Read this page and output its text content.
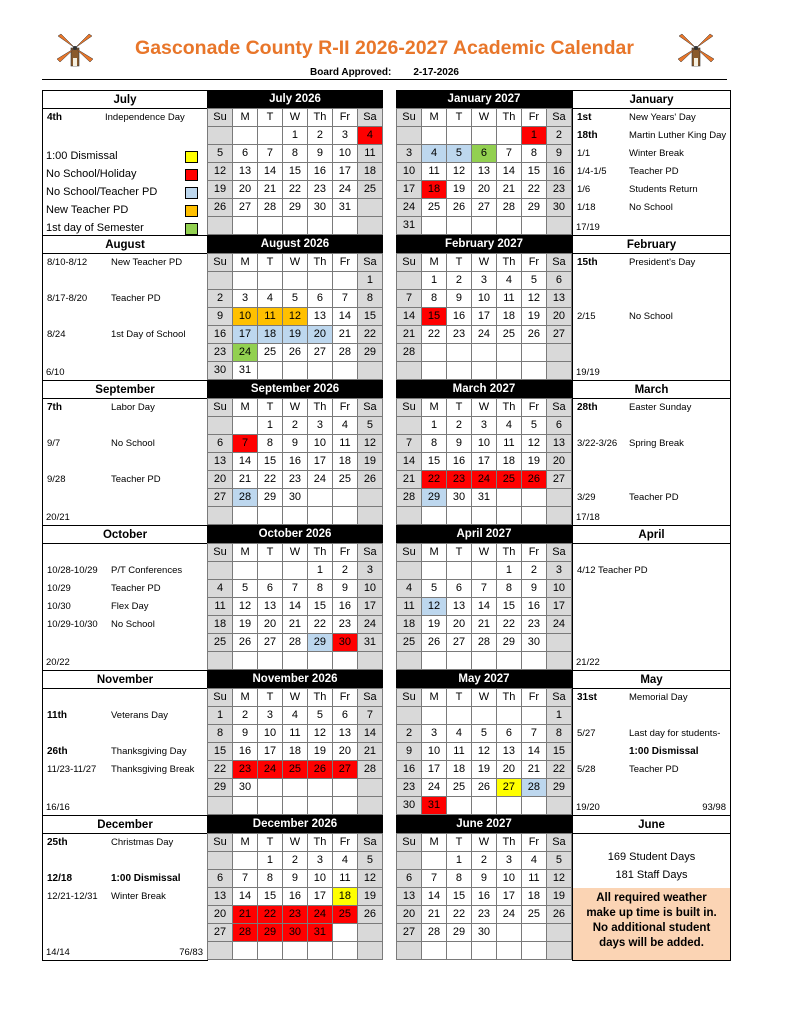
Gasconade County R-II 2026-2027 Academic Calendar
Board Approved: 2-17-2026
July
4th	Independence Day
1:00 Dismissal
No School/Holiday
No School/Teacher PD
New Teacher PD
1st day of Semester
July 2026
Su	M	T	W	Th	Fr	Sa
			1	2	3	4
5	6	7	8	9	10	11
12	13	14	15	16	17	18
19	20	21	22	23	24	25
26	27	28	29	30	31	

January 2027
Su	M	T	W	Th	Fr	Sa
					1	2
3	4	5	6	7	8	9
10	11	12	13	14	15	16
17	18	19	20	21	22	23
24	25	26	27	28	29	30
31						
January
1st	New Years' Day
18th	Martin Luther King Day
1/1	Winter Break
1/4-1/5 Teacher PD
1/6	Students Return
1/18	No School
17/19
August
8/10-8/12	New Teacher PD
8/17-8/20	Teacher PD
8/24	1st Day of School
6/10
August 2026
Su	M	T	W	Th	Fr	Sa
						1
2	3	4	5	6	7	8
9	10	11	12	13	14	15
16	17	18	19	20	21	22
23	24	25	26	27	28	29
30	31					
February 2027
Su	M	T	W	Th	Fr	Sa
	1	2	3	4	5	6
7	8	9	10	11	12	13
14	15	16	17	18	19	20
21	22	23	24	25	26	27
28						

February
15th	President's Day
2/15	No School
19/19
September
7th	Labor Day
9/7	No School
9/28	Teacher PD
20/21
September 2026
Su	M	T	W	Th	Fr	Sa
		1	2	3	4	5
6	7	8	9	10	11	12
13	14	15	16	17	18	19
20	21	22	23	24	25	26
27	28	29	30			

March 2027
Su	M	T	W	Th	Fr	Sa
	1	2	3	4	5	6
7	8	9	10	11	12	13
14	15	16	17	18	19	20
21	22	23	24	25	26	27
28	29	30	31			

March
28th	Easter Sunday
3/22-3/26 Spring Break
3/29	Teacher PD
17/18
October
10/28-10/29 P/T Conferences
10/29	Teacher PD
10/30	Flex Day
10/29-10/30 No School
20/22
October 2026
Su	M	T	W	Th	Fr	Sa
				1	2	3
4	5	6	7	8	9	10
11	12	13	14	15	16	17
18	19	20	21	22	23	24
25	26	27	28	29	30	31

April 2027
Su	M	T	W	Th	Fr	Sa
				1	2	3
4	5	6	7	8	9	10
11	12	13	14	15	16	17
18	19	20	21	22	23	24
25	26	27	28	29	30	

April
4/12 Teacher PD
21/22
November
11th	Veterans Day
26th	Thanksgiving Day
11/23-11/27 Thanksgiving Break
16/16
November 2026
Su	M	T	W	Th	Fr	Sa
1	2	3	4	5	6	7
8	9	10	11	12	13	14
15	16	17	18	19	20	21
22	23	24	25	26	27	28
29	30					

May 2027
Su	M	T	W	Th	Fr	Sa
						1
2	3	4	5	6	7	8
9	10	11	12	13	14	15
16	17	18	19	20	21	22
23	24	25	26	27	28	29
30	31					
May
31st	Memorial Day
5/27	Last day for students-
1:00 Dismissal
5/28	Teacher PD
19/20	93/98
December
25th	Christmas Day
12/18	1:00 Dismissal
12/21-12/31 Winter Break
14/14	76/83
December 2026
Su	M	T	W	Th	Fr	Sa
		1	2	3	4	5
6	7	8	9	10	11	12
13	14	15	16	17	18	19
20	21	22	23	24	25	26
27	28	29	30	31		

June 2027
Su	M	T	W	Th	Fr	Sa
		1	2	3	4	5
6	7	8	9	10	11	12
13	14	15	16	17	18	19
20	21	22	23	24	25	26
27	28	29	30			

June
169 Student Days
181 Staff Days
All required weather
make up time is built in.
No additional student
days will be added.
